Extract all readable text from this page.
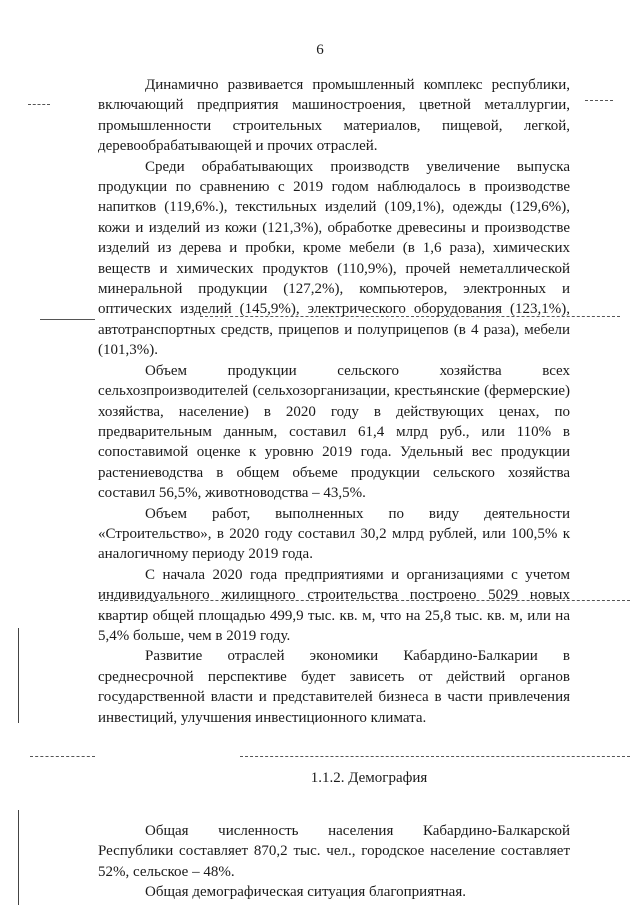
6

Динамично развивается промышленный комплекс республики, включающий предприятия машиностроения, цветной металлургии, промышленности строительных материалов, пищевой, легкой, деревообрабатывающей и прочих отраслей.

Среди обрабатывающих производств увеличение выпуска продукции по сравнению с 2019 годом наблюдалось в производстве напитков (119,6%.), текстильных изделий (109,1%), одежды (129,6%), кожи и изделий из кожи (121,3%), обработке древесины и производстве изделий из дерева и пробки, кроме мебели (в 1,6 раза), химических веществ и химических продуктов (110,9%), прочей неметаллической минеральной продукции (127,2%), компьютеров, электронных и оптических изделий (145,9%), электрического оборудования (123,1%), автотранспортных средств, прицепов и полуприцепов (в 4 раза), мебели (101,3%).

Объем продукции сельского хозяйства всех сельхозпроизводителей (сельхозорганизации, крестьянские (фермерские) хозяйства, население) в 2020 году в действующих ценах, по предварительным данным, составил 61,4 млрд руб., или 110% в сопоставимой оценке к уровню 2019 года. Удельный вес продукции растениеводства в общем объеме продукции сельского хозяйства составил 56,5%, животноводства – 43,5%.

Объем работ, выполненных по виду деятельности «Строительство», в 2020 году составил 30,2 млрд рублей, или 100,5% к аналогичному периоду 2019 года.

С начала 2020 года предприятиями и организациями с учетом индивидуального жилищного строительства построено 5029 новых квартир общей площадью 499,9 тыс. кв. м, что на 25,8 тыс. кв. м, или на 5,4% больше, чем в 2019 году.

Развитие отраслей экономики Кабардино-Балкарии в среднесрочной перспективе будет зависеть от действий органов государственной власти и представителей бизнеса в части привлечения инвестиций, улучшения инвестиционного климата.

1.1.2. Демография

Общая численность населения Кабардино-Балкарской Республики составляет 870,2 тыс. чел., городское население составляет 52%, сельское – 48%.

Общая демографическая ситуация благоприятная.
